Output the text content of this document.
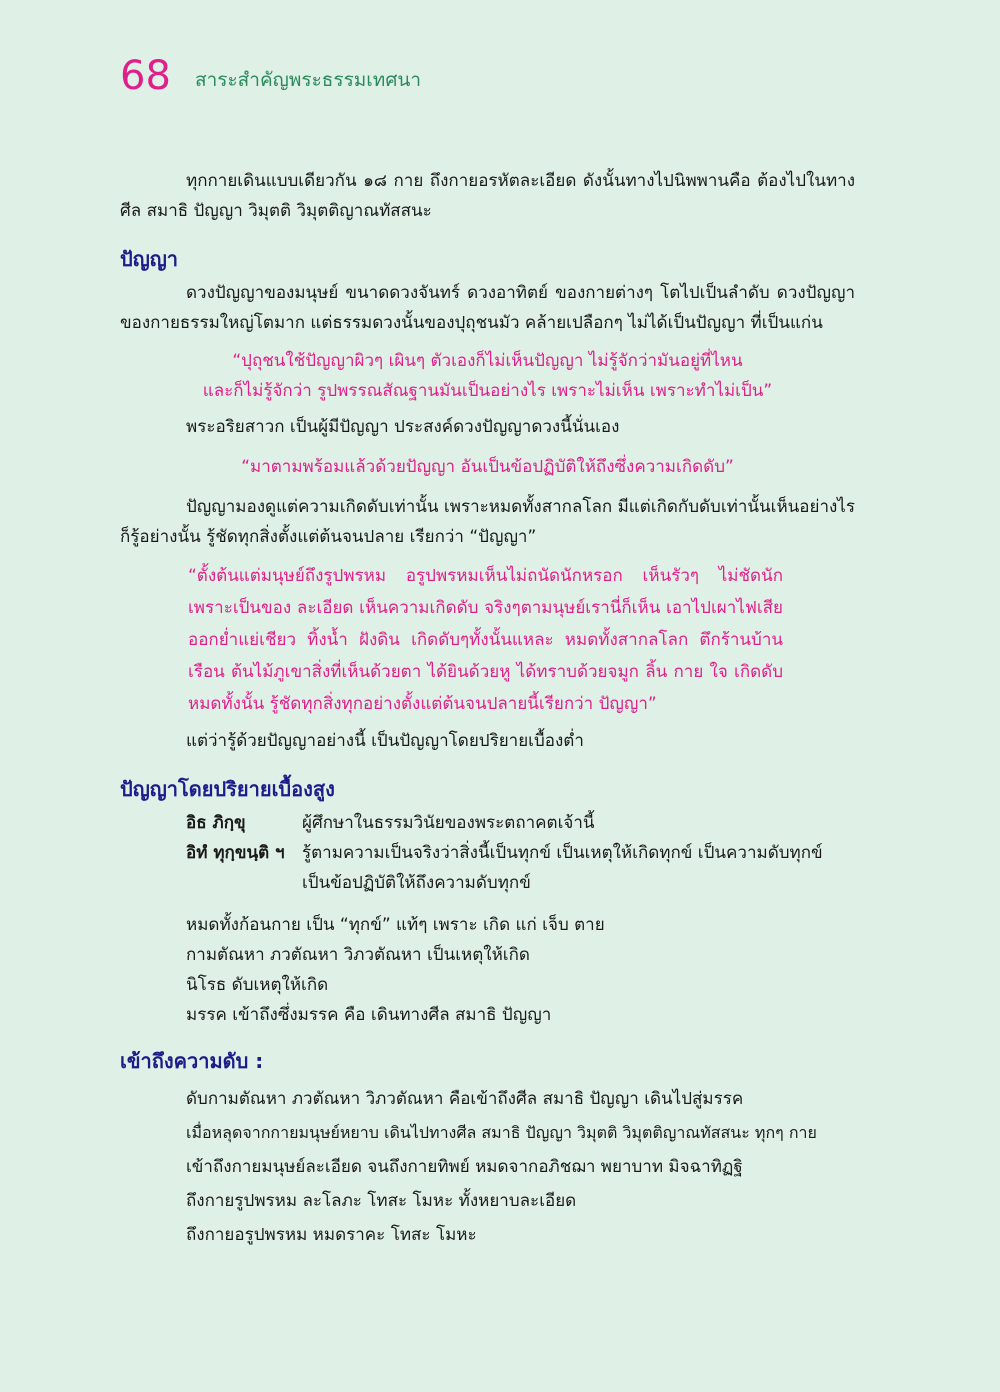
68 สาระสำคัญพระธรรมเทศนา

ทุกกายเดินแบบเดียวกัน ๑๘ กาย ถึงกายอรหัตละเอียด ดังนั้นทางไปนิพพานคือ ต้องไปในทางศีล สมาธิ ปัญญา วิมุตติ วิมุตติญาณทัสสนะ

ปัญญา

ดวงปัญญาของมนุษย์ ขนาดดวงจันทร์ ดวงอาทิตย์ ของกายต่างๆ โตไปเป็นลำดับ ดวงปัญญาของกายธรรมใหญ่โตมาก แต่ธรรมดวงนั้นของปุถุชนมัว คล้ายเปลือกๆ ไม่ได้เป็นปัญญา ที่เป็นแก่น

“ปุถุชนใช้ปัญญาผิวๆ เผินๆ ตัวเองก็ไม่เห็นปัญญา ไม่รู้จักว่ามันอยู่ที่ไหน

และก็ไม่รู้จักว่า รูปพรรณสัณฐานมันเป็นอย่างไร เพราะไม่เห็น เพราะทำไม่เป็น”

พระอริยสาวก เป็นผู้มีปัญญา ประสงค์ดวงปัญญาดวงนี้นั่นเอง

“มาตามพร้อมแล้วด้วยปัญญา อันเป็นข้อปฏิบัติให้ถึงซึ่งความเกิดดับ”

ปัญญามองดูแต่ความเกิดดับเท่านั้น เพราะหมดทั้งสากลโลก มีแต่เกิดกับดับเท่านั้นเห็นอย่างไรก็รู้อย่างนั้น รู้ชัดทุกสิ่งตั้งแต่ต้นจนปลาย เรียกว่า “ปัญญา”

“ตั้งต้นแต่มนุษย์ถึงรูปพรหม อรูปพรหมเห็นไม่ถนัดนักหรอก เห็นรัวๆ ไม่ชัดนักเพราะเป็นของ ละเอียด เห็นความเกิดดับ จริงๆตามนุษย์เรานี่ก็เห็น เอาไปเผาไฟเสียออกย่ำแย่เชียว ทิ้งน้ำ ฝังดิน เกิดดับๆทั้งนั้นแหละ หมดทั้งสากลโลก ตึกร้านบ้านเรือน ต้นไม้ภูเขาสิ่งที่เห็นด้วยตา ได้ยินด้วยหู ได้ทราบด้วยจมูก ลิ้น กาย ใจ เกิดดับหมดทั้งนั้น รู้ชัดทุกสิ่งทุกอย่างตั้งแต่ต้นจนปลายนี้เรียกว่า ปัญญา”

แต่ว่ารู้ด้วยปัญญาอย่างนี้ เป็นปัญญาโดยปริยายเบื้องต่ำ

ปัญญาโดยปริยายเบื้องสูง
อิธ ภิกฺขุ	ผู้ศึกษาในธรรมวินัยของพระตถาคตเจ้านี้
อิทํ ทุกฺขนฺติ ฯ	รู้ตามความเป็นจริงว่าสิ่งนี้เป็นทุกข์ เป็นเหตุให้เกิดทุกข์ เป็นความดับทุกข์ เป็นข้อปฏิบัติให้ถึงความดับทุกข์

หมดทั้งก้อนกาย เป็น “ทุกข์” แท้ๆ เพราะ เกิด แก่ เจ็บ ตาย

กามตัณหา ภวตัณหา วิภวตัณหา เป็นเหตุให้เกิด

นิโรธ ดับเหตุให้เกิด

มรรค เข้าถึงซึ่งมรรค คือ เดินทางศีล สมาธิ ปัญญา

เข้าถึงความดับ :

ดับกามตัณหา ภวตัณหา วิภวตัณหา คือเข้าถึงศีล สมาธิ ปัญญา เดินไปสู่มรรค

เมื่อหลุดจากกายมนุษย์หยาบ เดินไปทางศีล สมาธิ ปัญญา วิมุตติ วิมุตติญาณทัสสนะ ทุกๆ กาย

เข้าถึงกายมนุษย์ละเอียด จนถึงกายทิพย์ หมดจากอภิชฌา พยาบาท มิจฉาทิฏฐิ

ถึงกายรูปพรหม ละโลภะ โทสะ โมหะ ทั้งหยาบละเอียด

ถึงกายอรูปพรหม หมดราคะ โทสะ โมหะ
